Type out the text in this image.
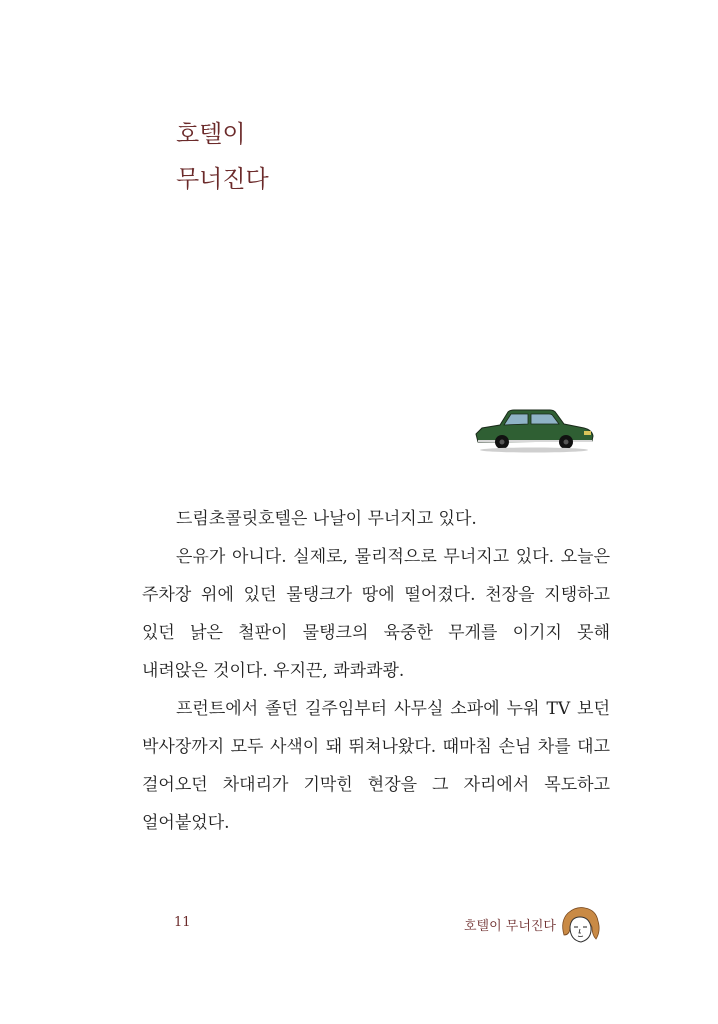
호텔이
무너진다

드림초콜릿호텔은 나날이 무너지고 있다.

은유가 아니다. 실제로, 물리적으로 무너지고 있다. 오늘은 주차장 위에 있던 물탱크가 땅에 떨어졌다. 천장을 지탱하고 있던 낡은 철판이 물탱크의 육중한 무게를 이기지 못해 내려앉은 것이다. 우지끈, 콰콰콰쾅.

프런트에서 졸던 길주임부터 사무실 소파에 누워 TV 보던 박사장까지 모두 사색이 돼 뛰쳐나왔다. 때마침 손님 차를 대고 걸어오던 차대리가 기막힌 현장을 그 자리에서 목도하고 얼어붙었다.

11	호텔이 무너진다
